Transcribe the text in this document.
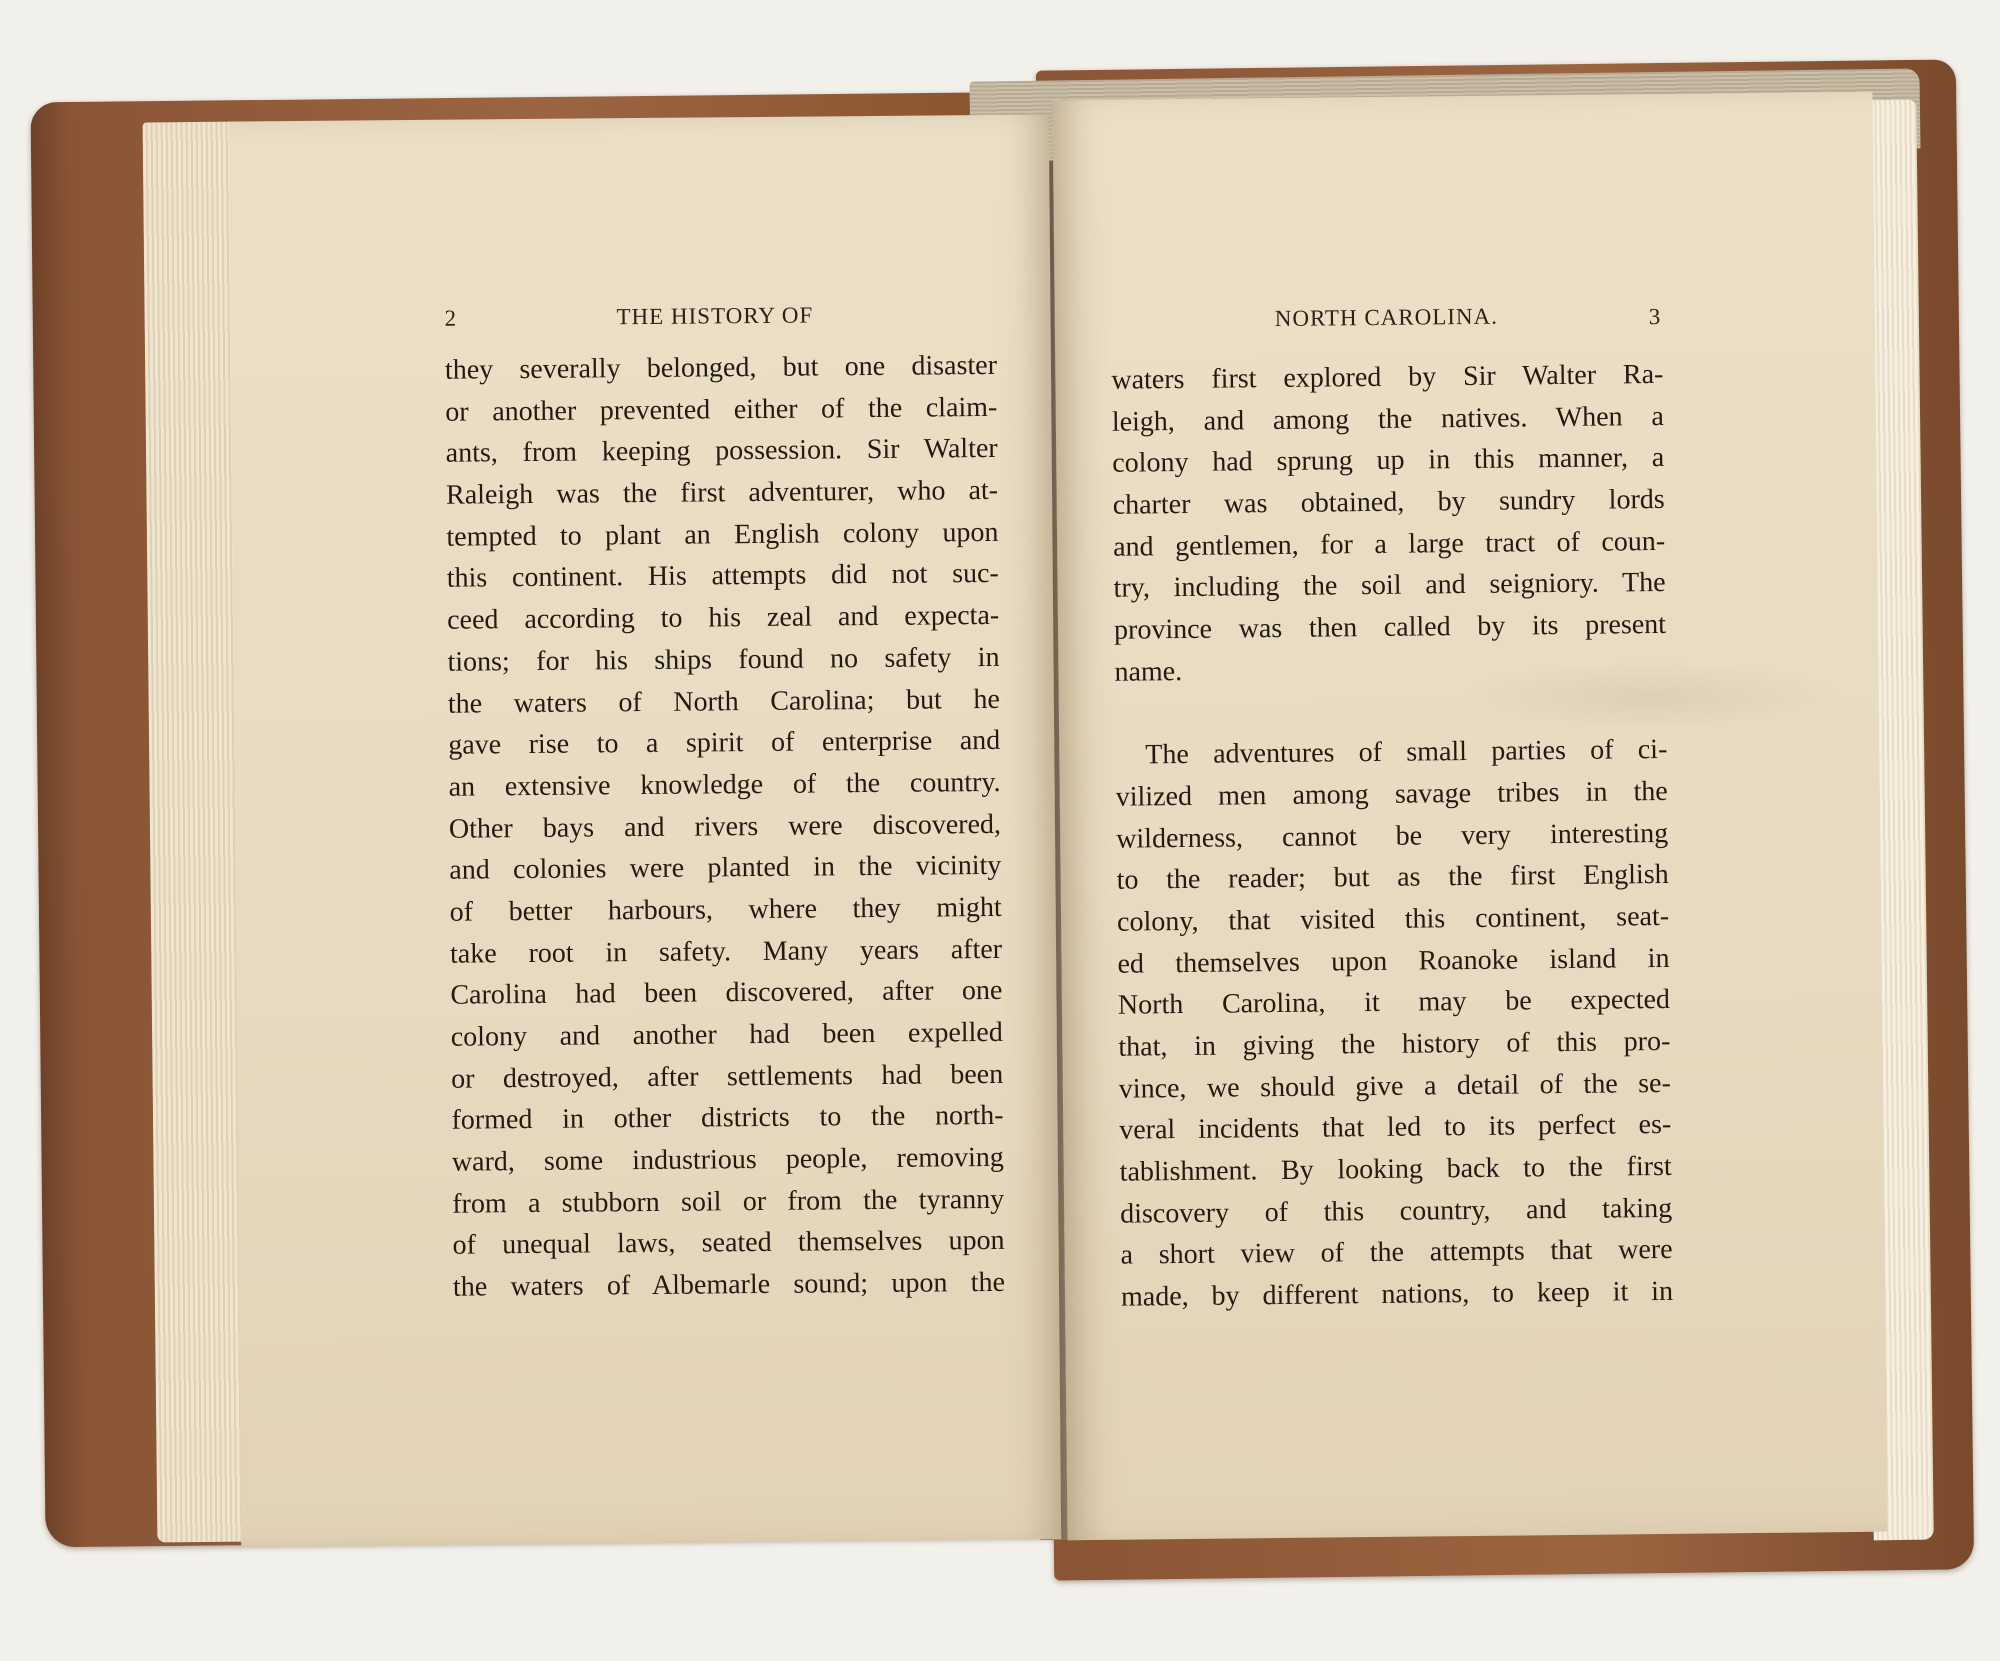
2	THE HISTORY OF
they severally belonged, but one disaster
or another prevented either of the claim-
ants, from keeping possession. Sir Walter
Raleigh was the first adventurer, who at-
tempted to plant an English colony upon
this continent. His attempts did not suc-
ceed according to his zeal and expecta-
tions; for his ships found no safety in
the waters of North Carolina; but he
gave rise to a spirit of enterprise and
an extensive knowledge of the country.
Other bays and rivers were discovered,
and colonies were planted in the vicinity
of better harbours, where they might
take root in safety. Many years after
Carolina had been discovered, after one
colony and another had been expelled
or destroyed, after settlements had been
formed in other districts to the north-
ward, some industrious people, removing
from a stubborn soil or from the tyranny
of unequal laws, seated themselves upon
the waters of Albemarle sound; upon the
NORTH CAROLINA.	3
waters first explored by Sir Walter Ra-
leigh, and among the natives. When a
colony had sprung up in this manner, a
charter was obtained, by sundry lords
and gentlemen, for a large tract of coun-
try, including the soil and seigniory. The
province was then called by its present
name.
The adventures of small parties of ci-
vilized men among savage tribes in the
wilderness, cannot be very interesting
to the reader; but as the first English
colony, that visited this continent, seat-
ed themselves upon Roanoke island in
North Carolina, it may be expected
that, in giving the history of this pro-
vince, we should give a detail of the se-
veral incidents that led to its perfect es-
tablishment. By looking back to the first
discovery of this country, and taking
a short view of the attempts that were
made, by different nations, to keep it in
